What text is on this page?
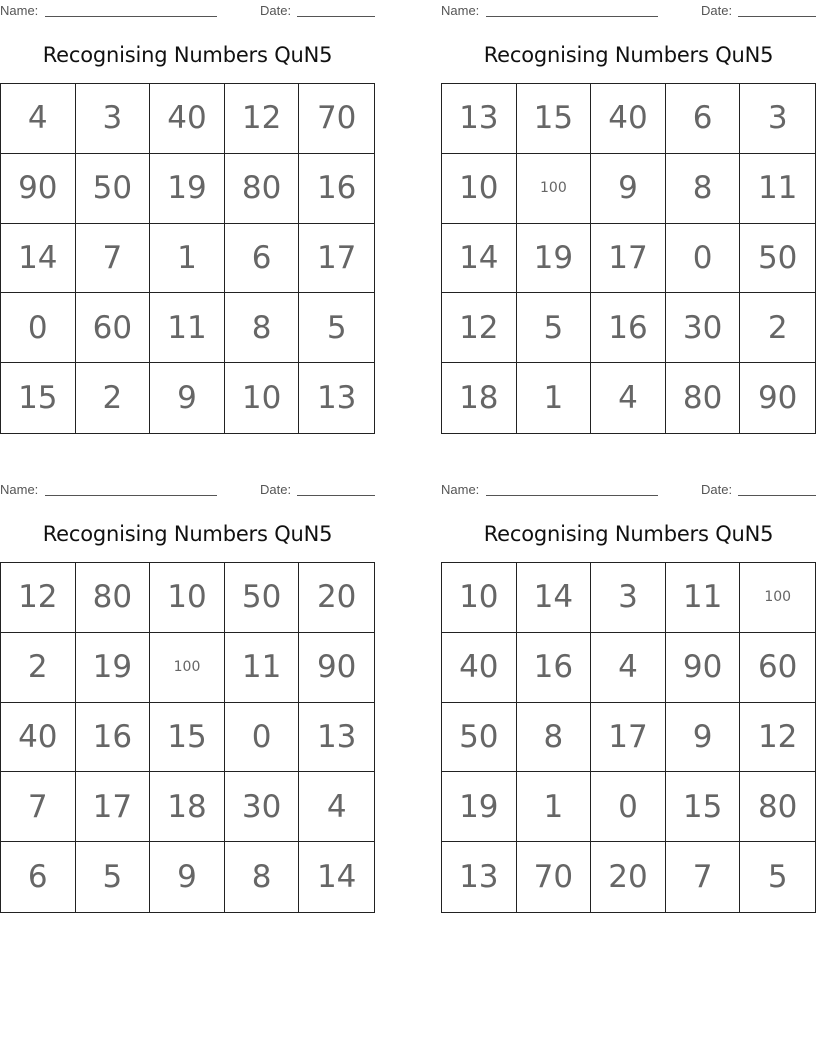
Name:	Date:
Recognising Numbers QuN5
4	3	40	12	70
90	50	19	80	16
14	7	1	6	17
0	60	11	8	5
15	2	9	10	13
Name:	Date:
Recognising Numbers QuN5
13	15	40	6	3
10	100	9	8	11
14	19	17	0	50
12	5	16	30	2
18	1	4	80	90
Name:	Date:
Recognising Numbers QuN5
12	80	10	50	20
2	19	100	11	90
40	16	15	0	13
7	17	18	30	4
6	5	9	8	14
Name:	Date:
Recognising Numbers QuN5
10	14	3	11	100
40	16	4	90	60
50	8	17	9	12
19	1	0	15	80
13	70	20	7	5
